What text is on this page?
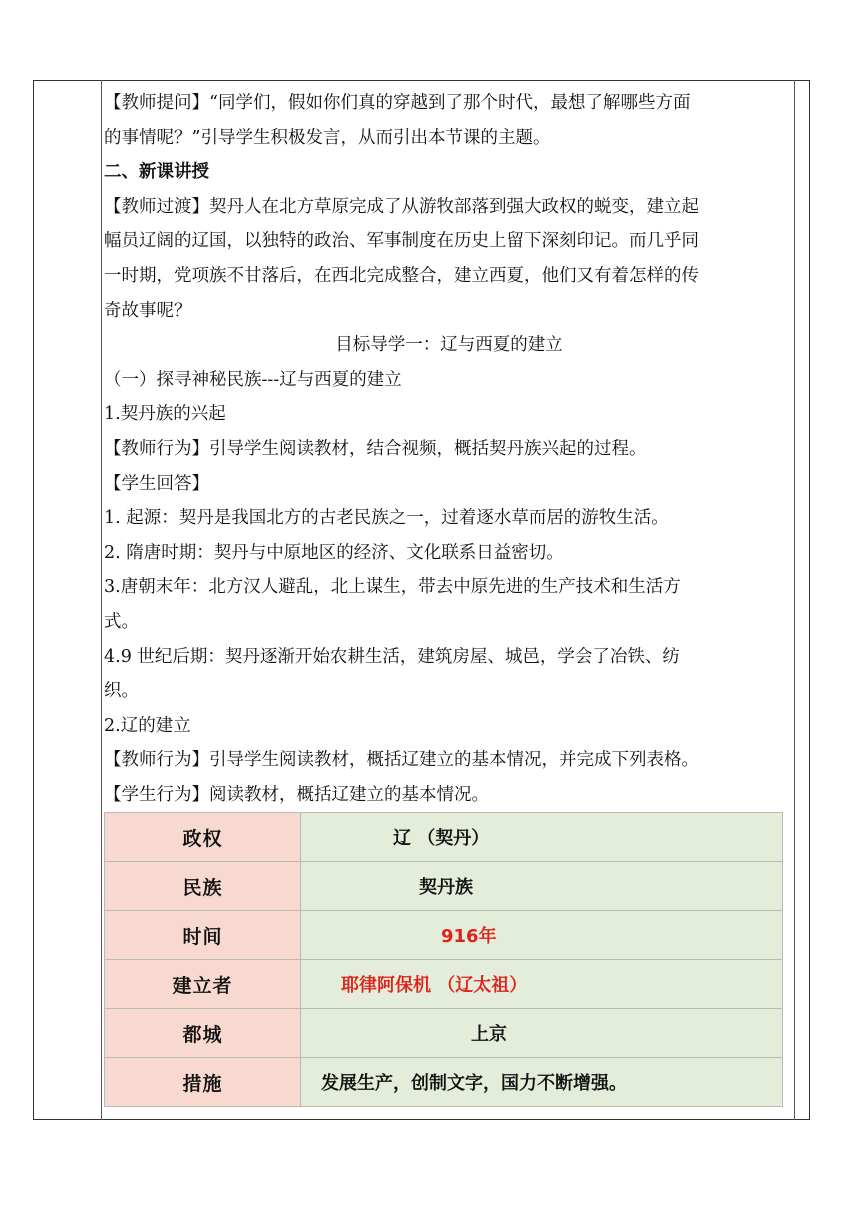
【教师提问】“同学们，假如你们真的穿越到了那个时代，最想了解哪些方面

的事情呢？”引导学生积极发言，从而引出本节课的主题。

二、新课讲授

【教师过渡】契丹人在北方草原完成了从游牧部落到强大政权的蜕变，建立起

幅员辽阔的辽国，以独特的政治、军事制度在历史上留下深刻印记。而几乎同

一时期，党项族不甘落后，在西北完成整合，建立西夏，他们又有着怎样的传

奇故事呢？

目标导学一：辽与西夏的建立

（一）探寻神秘民族---辽与西夏的建立

1.契丹族的兴起

【教师行为】引导学生阅读教材，结合视频，概括契丹族兴起的过程。

【学生回答】

1. 起源：契丹是我国北方的古老民族之一，过着逐水草而居的游牧生活。

2. 隋唐时期：契丹与中原地区的经济、文化联系日益密切。

3.唐朝末年：北方汉人避乱，北上谋生，带去中原先进的生产技术和生活方

式。

4.9 世纪后期：契丹逐渐开始农耕生活，建筑房屋、城邑，学会了冶铁、纺

织。

2.辽的建立

【教师行为】引导学生阅读教材，概括辽建立的基本情况，并完成下列表格。

【学生行为】阅读教材，概括辽建立的基本情况。

政权	辽 （契丹）
民族	契丹族
时间	916年
建立者	耶律阿保机 （辽太祖）
都城	上京
措施	发展生产，创制文字，国力不断增强。
